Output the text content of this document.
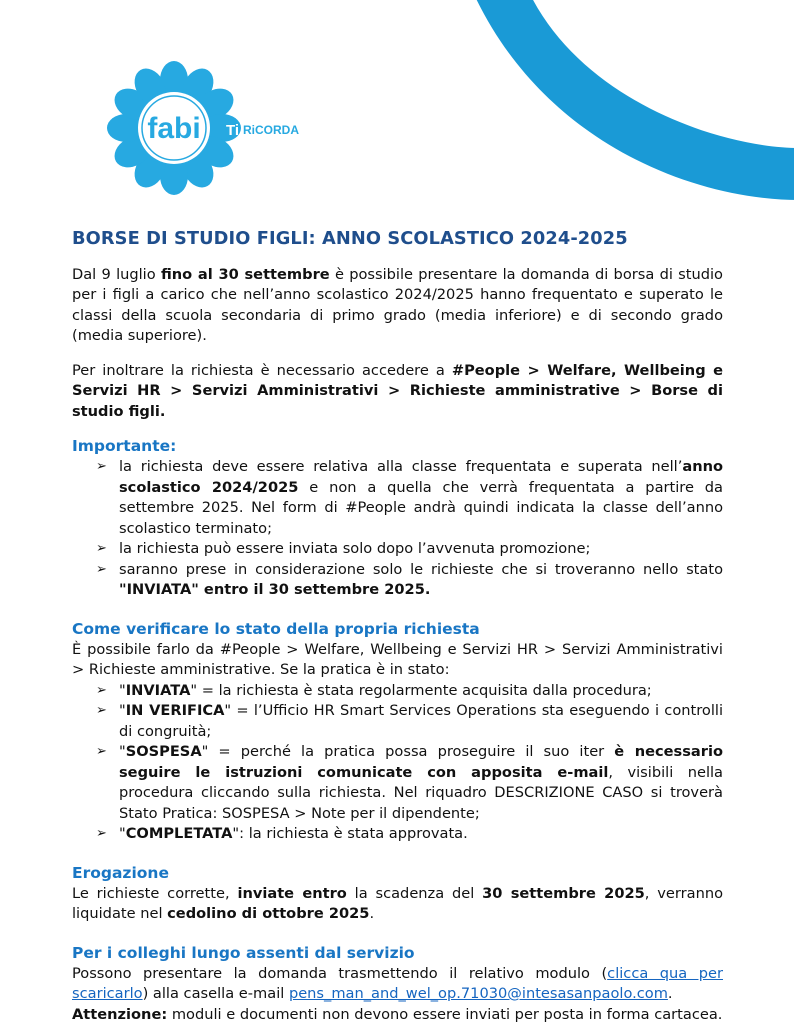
fabi
LA	Ti RiCORDA
BORSE DI STUDIO FIGLI: ANNO SCOLASTICO 2024-2025

Dal 9 luglio fino al 30 settembre è possibile presentare la domanda di borsa di studio per i figli a carico che nell’anno scolastico 2024/2025 hanno frequentato e superato le classi della scuola secondaria di primo grado (media inferiore) e di secondo grado (media superiore).

Per inoltrare la richiesta è necessario accedere a #People > Welfare, Wellbeing e Servizi HR > Servizi Amministrativi > Richieste amministrative > Borse di studio figli.

Importante:
➢ la richiesta deve essere relativa alla classe frequentata e superata nell’anno scolastico 2024/2025 e non a quella che verrà frequentata a partire da settembre 2025. Nel form di #People andrà quindi indicata la classe dell’anno scolastico terminato;
➢ la richiesta può essere inviata solo dopo l’avvenuta promozione;
➢ saranno prese in considerazione solo le richieste che si troveranno nello stato "INVIATA" entro il 30 settembre 2025.
Come verificare lo stato della propria richiesta

È possibile farlo da #People > Welfare, Wellbeing e Servizi HR > Servizi Amministrativi > Richieste amministrative. Se la pratica è in stato:

➢ "INVIATA" = la richiesta è stata regolarmente acquisita dalla procedura;
➢ "IN VERIFICA" = l’Ufficio HR Smart Services Operations sta eseguendo i controlli di congruità;
➢ "SOSPESA" = perché la pratica possa proseguire il suo iter è necessario seguire le istruzioni comunicate con apposita e-mail, visibili nella procedura cliccando sulla richiesta. Nel riquadro DESCRIZIONE CASO si troverà Stato Pratica: SOSPESA > Note per il dipendente;
➢ "COMPLETATA": la richiesta è stata approvata.
Erogazione

Le richieste corrette, inviate entro la scadenza del 30 settembre 2025, verranno liquidate nel cedolino di ottobre 2025.

Per i colleghi lungo assenti dal servizio

Possono presentare la domanda trasmettendo il relativo modulo (clicca qua per scaricarlo) alla casella e-mail pens_man_and_wel_op.71030@intesasanpaolo.com.

Attenzione: moduli e documenti non devono essere inviati per posta in forma cartacea.
